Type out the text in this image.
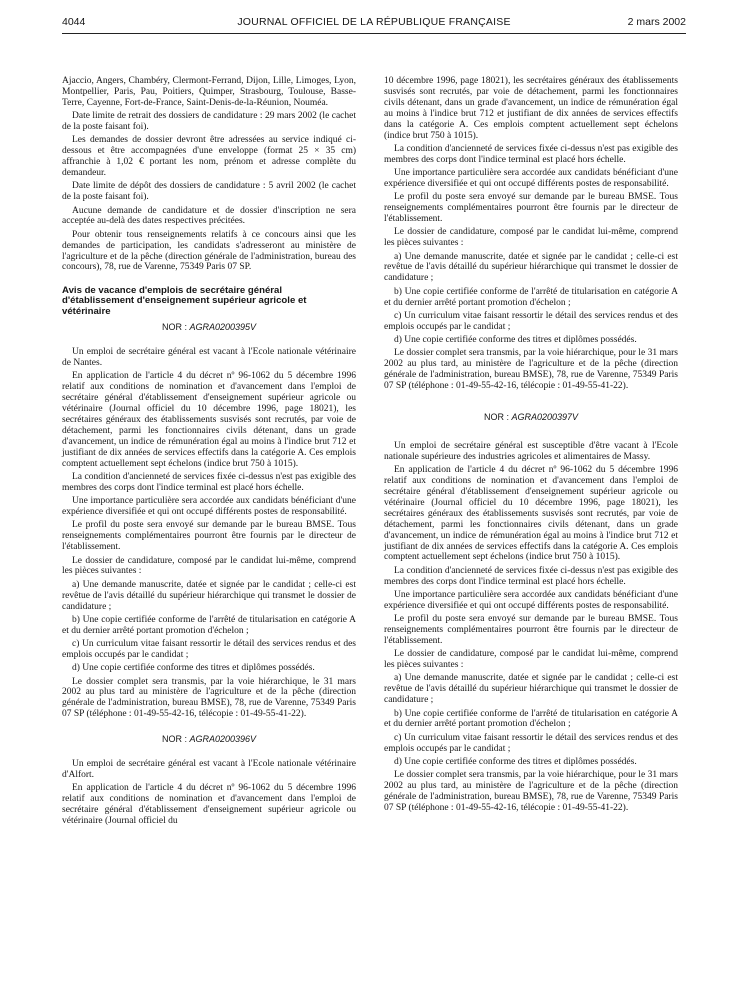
4044	JOURNAL OFFICIEL DE LA RÉPUBLIQUE FRANÇAISE	2 mars 2002

Ajaccio, Angers, Chambéry, Clermont-Ferrand, Dijon, Lille, Limoges, Lyon, Montpellier, Paris, Pau, Poitiers, Quimper, Strasbourg, Toulouse, Basse-Terre, Cayenne, Fort-de-France, Saint-Denis-de-la-Réunion, Nouméa.

Date limite de retrait des dossiers de candidature : 29 mars 2002 (le cachet de la poste faisant foi).

Les demandes de dossier devront être adressées au service indiqué ci-dessous et être accompagnées d'une enveloppe (format 25 × 35 cm) affranchie à 1,02 € portant les nom, prénom et adresse complète du demandeur.

Date limite de dépôt des dossiers de candidature : 5 avril 2002 (le cachet de la poste faisant foi).

Aucune demande de candidature et de dossier d'inscription ne sera acceptée au-delà des dates respectives précitées.

Pour obtenir tous renseignements relatifs à ce concours ainsi que les demandes de participation, les candidats s'adresseront au ministère de l'agriculture et de la pêche (direction générale de l'administration, bureau des concours), 78, rue de Varenne, 75349 Paris 07 SP.

Avis de vacance d'emplois de secrétaire général d'établissement d'enseignement supérieur agricole et vétérinaire
NOR : AGRA0200395V

Un emploi de secrétaire général est vacant à l'Ecole nationale vétérinaire de Nantes.

En application de l'article 4 du décret nº 96-1062 du 5 décembre 1996 relatif aux conditions de nomination et d'avancement dans l'emploi de secrétaire général d'établissement d'enseignement supérieur agricole ou vétérinaire (Journal officiel du 10 décembre 1996, page 18021), les secrétaires généraux des établissements susvisés sont recrutés, par voie de détachement, parmi les fonctionnaires civils détenant, dans un grade d'avancement, un indice de rémunération égal au moins à l'indice brut 712 et justifiant de dix années de services effectifs dans la catégorie A. Ces emplois comptent actuellement sept échelons (indice brut 750 à 1015).

La condition d'ancienneté de services fixée ci-dessus n'est pas exigible des membres des corps dont l'indice terminal est placé hors échelle.

Une importance particulière sera accordée aux candidats bénéficiant d'une expérience diversifiée et qui ont occupé différents postes de responsabilité.

Le profil du poste sera envoyé sur demande par le bureau BMSE. Tous renseignements complémentaires pourront être fournis par le directeur de l'établissement.

Le dossier de candidature, composé par le candidat lui-même, comprend les pièces suivantes :

a) Une demande manuscrite, datée et signée par le candidat ; celle-ci est revêtue de l'avis détaillé du supérieur hiérarchique qui transmet le dossier de candidature ;

b) Une copie certifiée conforme de l'arrêté de titularisation en catégorie A et du dernier arrêté portant promotion d'échelon ;

c) Un curriculum vitae faisant ressortir le détail des services rendus et des emplois occupés par le candidat ;

d) Une copie certifiée conforme des titres et diplômes possédés.

Le dossier complet sera transmis, par la voie hiérarchique, le 31 mars 2002 au plus tard au ministère de l'agriculture et de la pêche (direction générale de l'administration, bureau BMSE), 78, rue de Varenne, 75349 Paris 07 SP (téléphone : 01-49-55-42-16, télécopie : 01-49-55-41-22).

NOR : AGRA0200396V

Un emploi de secrétaire général est vacant à l'Ecole nationale vétérinaire d'Alfort.

En application de l'article 4 du décret nº 96-1062 du 5 décembre 1996 relatif aux conditions de nomination et d'avancement dans l'emploi de secrétaire général d'établissement d'enseignement supérieur agricole ou vétérinaire (Journal officiel du

10 décembre 1996, page 18021), les secrétaires généraux des établissements susvisés sont recrutés, par voie de détachement, parmi les fonctionnaires civils détenant, dans un grade d'avancement, un indice de rémunération égal au moins à l'indice brut 712 et justifiant de dix années de services effectifs dans la catégorie A. Ces emplois comptent actuellement sept échelons (indice brut 750 à 1015).

La condition d'ancienneté de services fixée ci-dessus n'est pas exigible des membres des corps dont l'indice terminal est placé hors échelle.

Une importance particulière sera accordée aux candidats bénéficiant d'une expérience diversifiée et qui ont occupé différents postes de responsabilité.

Le profil du poste sera envoyé sur demande par le bureau BMSE. Tous renseignements complémentaires pourront être fournis par le directeur de l'établissement.

Le dossier de candidature, composé par le candidat lui-même, comprend les pièces suivantes :

a) Une demande manuscrite, datée et signée par le candidat ; celle-ci est revêtue de l'avis détaillé du supérieur hiérarchique qui transmet le dossier de candidature ;

b) Une copie certifiée conforme de l'arrêté de titularisation en catégorie A et du dernier arrêté portant promotion d'échelon ;

c) Un curriculum vitae faisant ressortir le détail des services rendus et des emplois occupés par le candidat ;

d) Une copie certifiée conforme des titres et diplômes possédés.

Le dossier complet sera transmis, par la voie hiérarchique, pour le 31 mars 2002 au plus tard, au ministère de l'agriculture et de la pêche (direction générale de l'administration, bureau BMSE), 78, rue de Varenne, 75349 Paris 07 SP (téléphone : 01-49-55-42-16, télécopie : 01-49-55-41-22).

NOR : AGRA0200397V

Un emploi de secrétaire général est susceptible d'être vacant à l'Ecole nationale supérieure des industries agricoles et alimentaires de Massy.

En application de l'article 4 du décret nº 96-1062 du 5 décembre 1996 relatif aux conditions de nomination et d'avancement dans l'emploi de secrétaire général d'établissement d'enseignement supérieur agricole ou vétérinaire (Journal officiel du 10 décembre 1996, page 18021), les secrétaires généraux des établissements susvisés sont recrutés, par voie de détachement, parmi les fonctionnaires civils détenant, dans un grade d'avancement, un indice de rémunération égal au moins à l'indice brut 712 et justifiant de dix années de services effectifs dans la catégorie A. Ces emplois comptent actuellement sept échelons (indice brut 750 à 1015).

La condition d'ancienneté de services fixée ci-dessus n'est pas exigible des membres des corps dont l'indice terminal est placé hors échelle.

Une importance particulière sera accordée aux candidats bénéficiant d'une expérience diversifiée et qui ont occupé différents postes de responsabilité.

Le profil du poste sera envoyé sur demande par le bureau BMSE. Tous renseignements complémentaires pourront être fournis par le directeur de l'établissement.

Le dossier de candidature, composé par le candidat lui-même, comprend les pièces suivantes :

a) Une demande manuscrite, datée et signée par le candidat ; celle-ci est revêtue de l'avis détaillé du supérieur hiérarchique qui transmet le dossier de candidature ;

b) Une copie certifiée conforme de l'arrêté de titularisation en catégorie A et du dernier arrêté portant promotion d'échelon ;

c) Un curriculum vitae faisant ressortir le détail des services rendus et des emplois occupés par le candidat ;

d) Une copie certifiée conforme des titres et diplômes possédés.

Le dossier complet sera transmis, par la voie hiérarchique, pour le 31 mars 2002 au plus tard, au ministère de l'agriculture et de la pêche (direction générale de l'administration, bureau BMSE), 78, rue de Varenne, 75349 Paris 07 SP (téléphone : 01-49-55-42-16, télécopie : 01-49-55-41-22).
